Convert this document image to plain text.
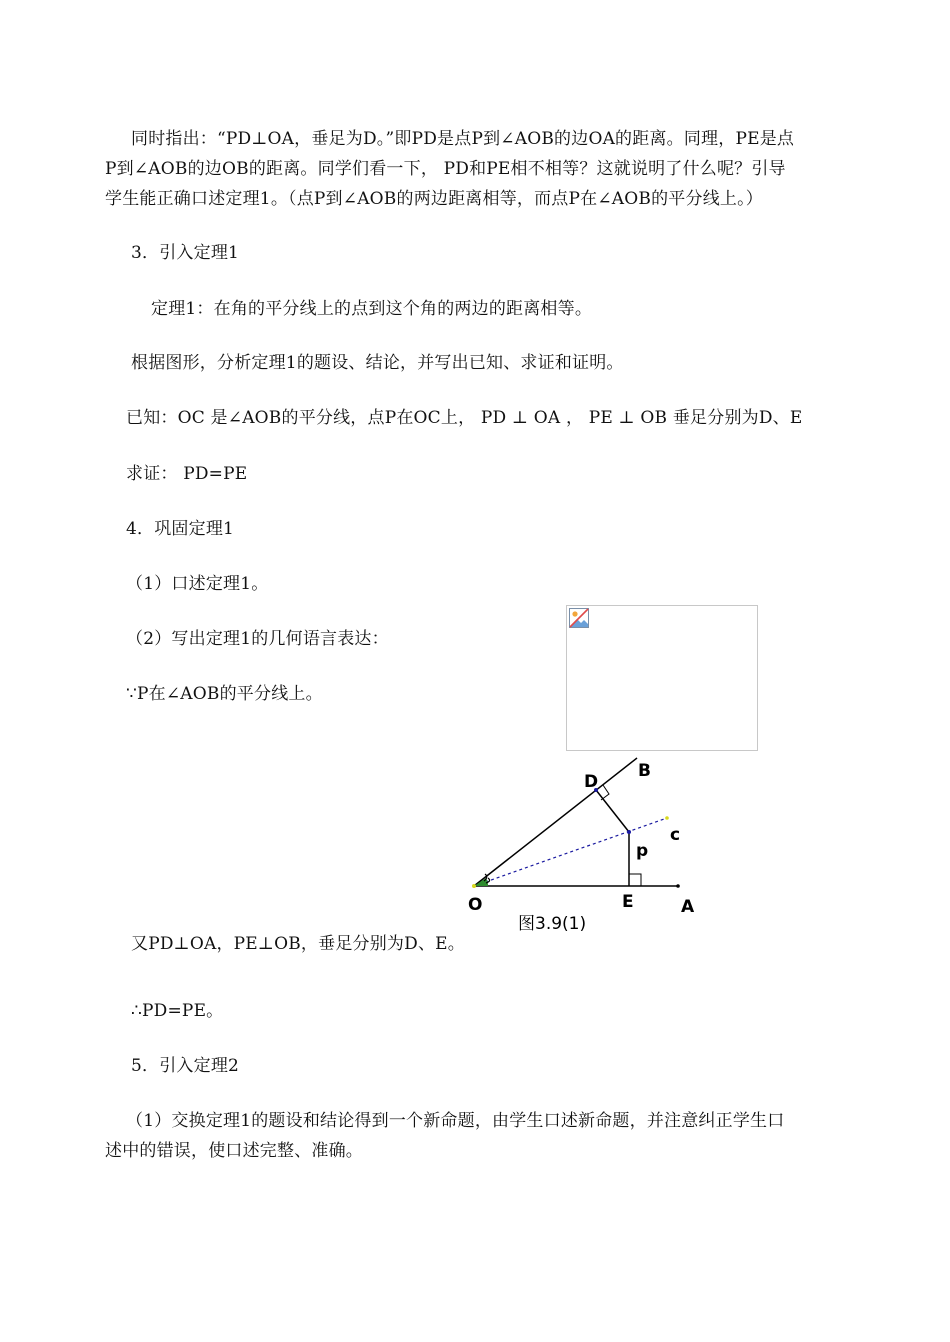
同时指出：“PD⊥OA，垂足为D。”即PD是点P到∠AOB的边OA的距离。同理，PE是点
P到∠AOB的边OB的距离。同学们看一下， PD和PE相不相等？这就说明了什么呢？引导
学生能正确口述定理1。（点P到∠AOB的两边距离相等，而点P在∠AOB的平分线上。）
3．引入定理1
定理1：在角的平分线上的点到这个角的两边的距离相等。
根据图形，分析定理1的题设、结论，并写出已知、求证和证明。
已知：OC 是∠AOB的平分线，点P在OC上， PD ⊥ OA ， PE ⊥ OB 垂足分别为D、E
求证： PD=PE
4．巩固定理1
（1）口述定理1。
（2）写出定理1的几何语言表达：
∵P在∠AOB的平分线上。
O	A
B
c
D
E
p
图3.9(1)
又PD⊥OA，PE⊥OB，垂足分别为D、E。
∴PD=PE。
5．引入定理2
（1）交换定理1的题设和结论得到一个新命题，由学生口述新命题，并注意纠正学生口
述中的错误，使口述完整、准确。
